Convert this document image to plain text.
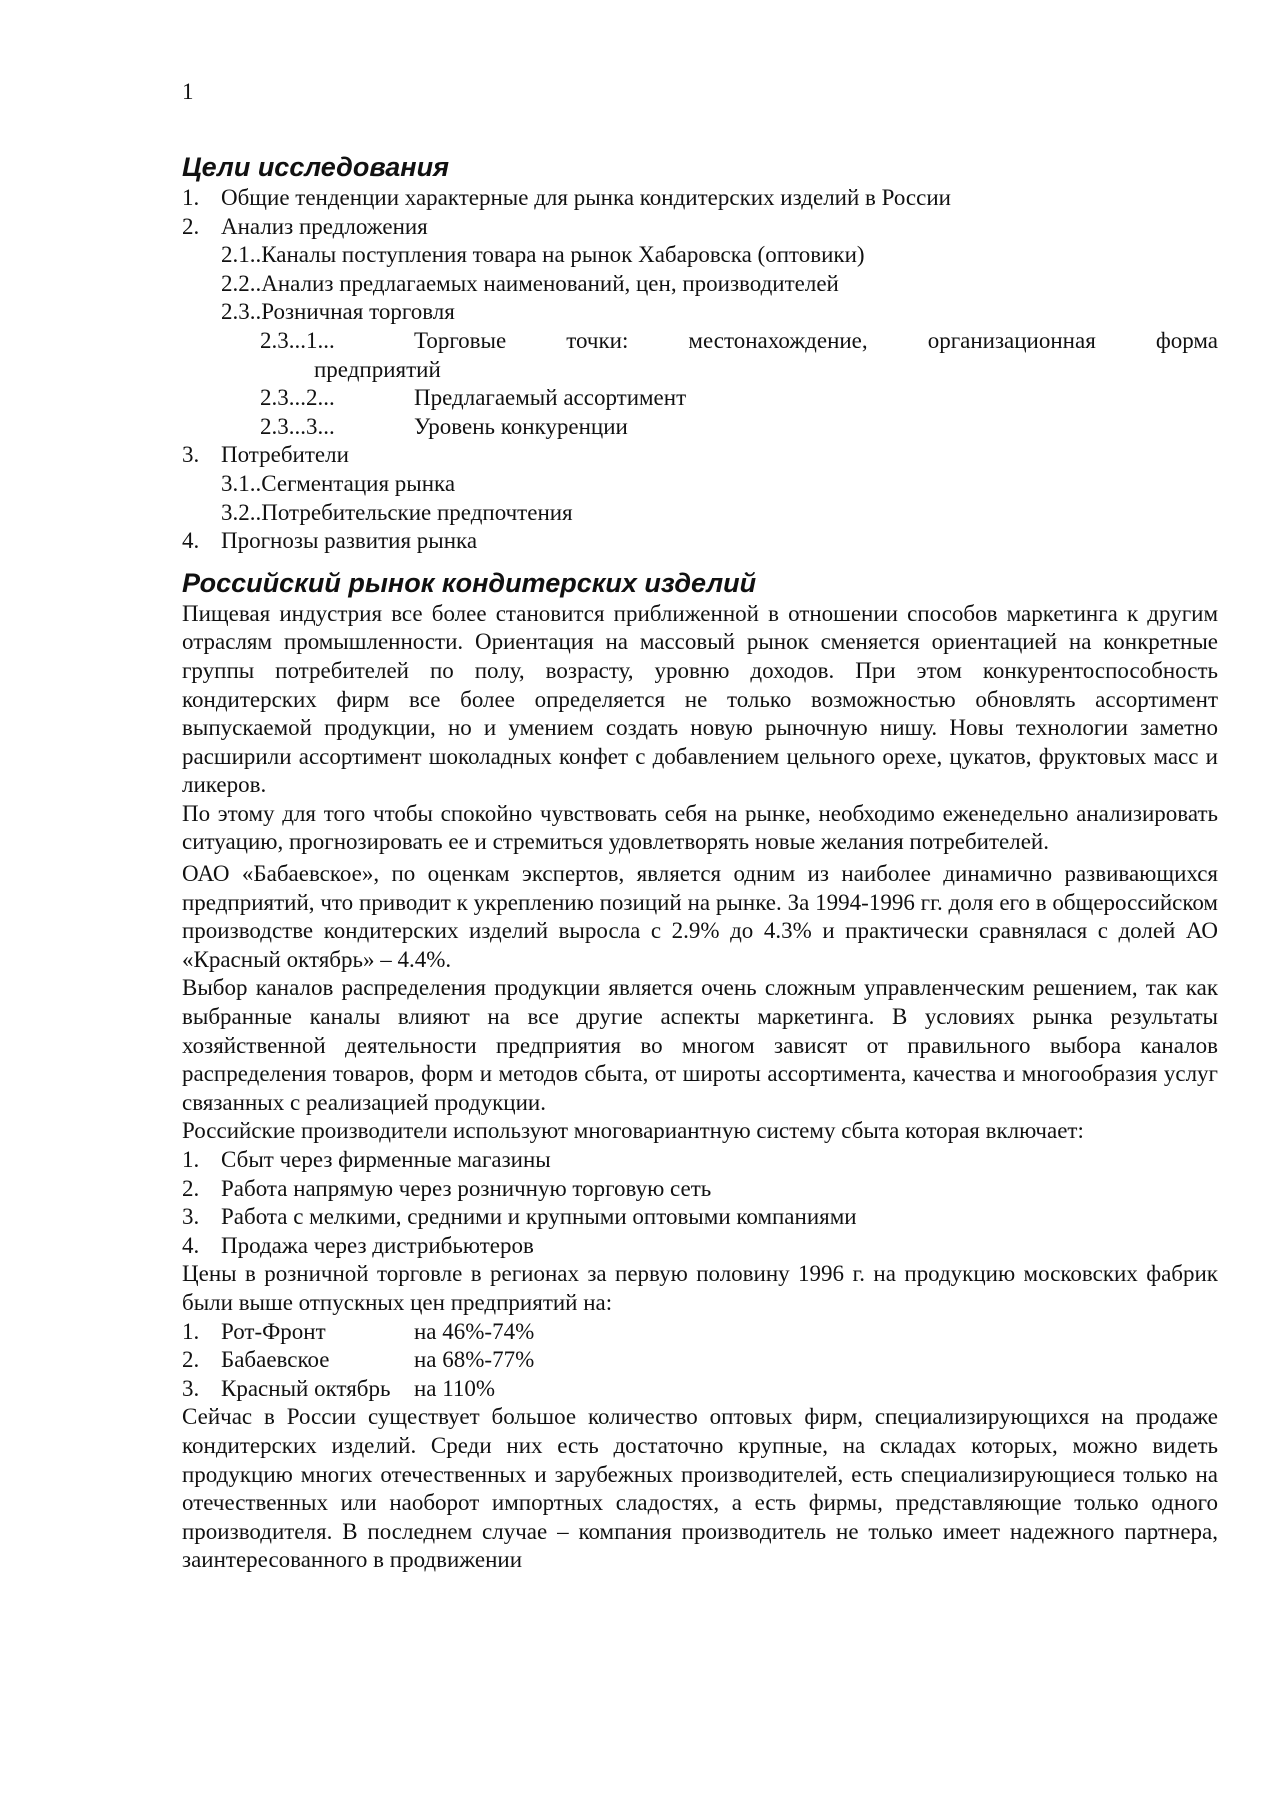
1
Цели исследования
1. Общие тенденции характерные для рынка кондитерских изделий в России
2. Анализ предложения
2.1..Каналы поступления товара на рынок Хабаровска (оптовики)
2.2..Анализ предлагаемых наименований, цен, производителей
2.3..Розничная торговля
2.3...1...	Торговые точки: местонахождение, организационная форма
предприятий
2.3...2...	Предлагаемый ассортимент
2.3...3...	Уровень конкуренции
3. Потребители
3.1..Сегментация рынка
3.2..Потребительские предпочтения
4. Прогнозы развития рынка
Российский рынок кондитерских изделий

Пищевая индустрия все более становится приближенной в отношении способов маркетинга к другим отраслям промышленности. Ориентация на массовый рынок сменяется ориентацией на конкретные группы потребителей по полу, возрасту, уровню доходов. При этом конкурентоспособность кондитерских фирм все более определяется не только возможностью обновлять ассортимент выпускаемой продукции, но и умением создать новую рыночную нишу. Новы технологии заметно расширили ассортимент шоколадных конфет с добавлением цельного орехе, цукатов, фруктовых масс и ликеров.

По этому для того чтобы спокойно чувствовать себя на рынке, необходимо еженедельно анализировать ситуацию, прогнозировать ее и стремиться удовлетворять новые желания потребителей.

ОАО «Бабаевское», по оценкам экспертов, является одним из наиболее динамично развивающихся предприятий, что приводит к укреплению позиций на рынке. За 1994-1996 гг. доля его в общероссийском производстве кондитерских изделий выросла с 2.9% до 4.3% и практически сравнялася с долей АО «Красный октябрь» – 4.4%.

Выбор каналов распределения продукции является очень сложным управленческим решением, так как выбранные каналы влияют на все другие аспекты маркетинга. В условиях рынка результаты хозяйственной деятельности предприятия во многом зависят от правильного выбора каналов распределения товаров, форм и методов сбыта, от широты ассортимента, качества и многообразия услуг связанных с реализацией продукции.

Российские производители используют многовариантную систему сбыта которая включает:

1. Сбыт через фирменные магазины
2. Работа напрямую через розничную торговую сеть
3. Работа с мелкими, средними и крупными оптовыми компаниями
4. Продажа через дистрибьютеров

Цены в розничной торговле в регионах за первую половину 1996 г. на продукцию московских фабрик были выше отпускных цен предприятий на:

1. Рот-Фронт	на 46%-74%
2. Бабаевское	на 68%-77%
3. Красный октябрь на 110%

Сейчас в России существует большое количество оптовых фирм, специализирующихся на продаже кондитерских изделий. Среди них есть достаточно крупные, на складах которых, можно видеть продукцию многих отечественных и зарубежных производителей, есть специализирующиеся только на отечественных или наоборот импортных сладостях, а есть фирмы, представляющие только одного производителя. В последнем случае – компания производитель не только имеет надежного партнера, заинтересованного в продвижении
